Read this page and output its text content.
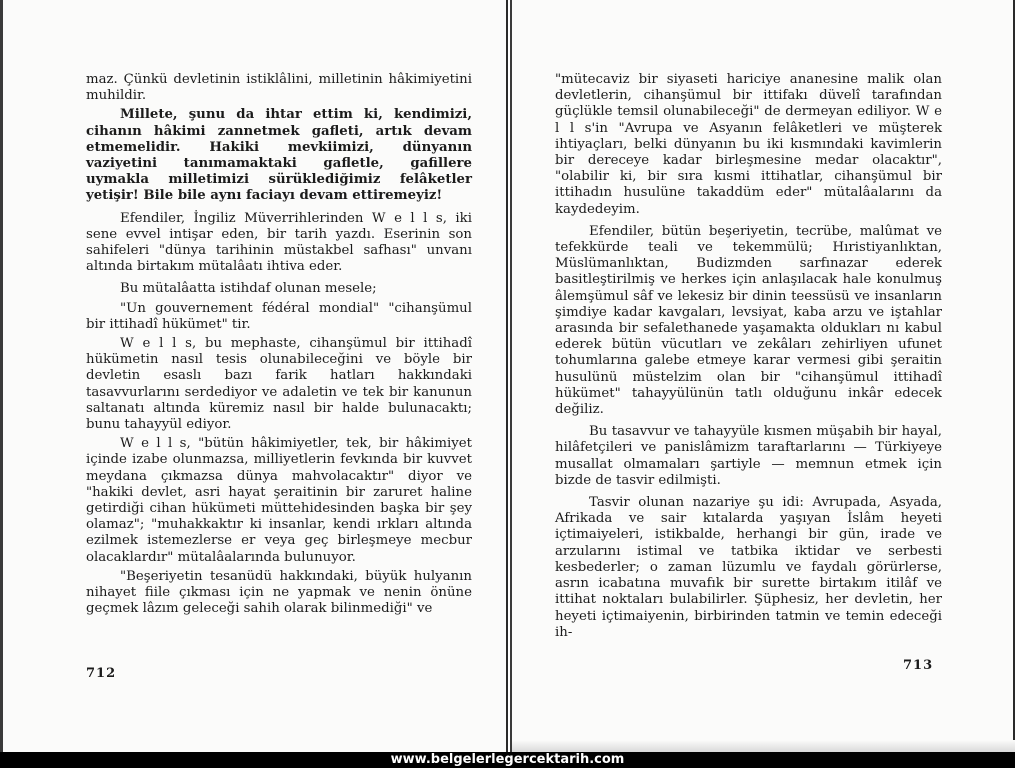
maz. Çünkü devletinin istiklâlini, milletinin hâkimiyetini muhildir.

Millete, şunu da ihtar ettim ki, kendimizi, cihanın hâkimi zannetmek gafleti, artık devam etmemelidir. Hakiki mevkiimizi, dünyanın vaziyetini tanımamaktaki gafletle, gafillere uymakla milletimizi sürüklediğimiz felâketler yetişir! Bile bile aynı faciayı devam ettiremeyiz!

Efendiler, İngiliz Müverrihlerinden W e l l s, iki sene evvel intişar eden, bir tarih yazdı. Eserinin son sahifeleri "dünya tarihinin müstakbel safhası" unvanı altında birtakım mütalâatı ihtiva eder.

Bu mütalâatta istihdaf olunan mesele;

"Un gouvernement fédéral mondial" "cihanşümul bir ittihadî hükümet" tir.

W e l l s, bu mephaste, cihanşümul bir ittihadî hükümetin nasıl tesis olunabileceğini ve böyle bir devletin esaslı bazı farik hatları hakkındaki tasavvurlarını serdediyor ve adaletin ve tek bir kanunun saltanatı altında küremiz nasıl bir halde bulunacaktı; bunu tahayyül ediyor.

W e l l s, "bütün hâkimiyetler, tek, bir hâkimiyet içinde izabe olunmazsa, milliyetlerin fevkında bir kuvvet meydana çıkmazsa dünya mahvolacaktır" diyor ve "hakiki devlet, asri hayat şeraitinin bir zaruret haline getirdiği cihan hükümeti müttehidesinden başka bir şey olamaz"; "muhakkaktır ki insanlar, kendi ırkları altında ezilmek istemezlerse er veya geç birleşmeye mecbur olacaklardır" mütalâalarında bulunuyor.

"Beşeriyetin tesanüdü hakkındaki, büyük hulyanın nihayet fiile çıkması için ne yapmak ve nenin önüne geçmek lâzım geleceği sahih olarak bilinmediği" ve

712

"mütecaviz bir siyaseti hariciye ananesine malik olan devletlerin, cihanşümul bir ittifakı düvelî tarafından güçlükle temsil olunabileceği" de dermeyan ediliyor. W e l l s'in "Avrupa ve Asyanın felâketleri ve müşterek ihtiyaçları, belki dünyanın bu iki kısmındaki kavimlerin bir dereceye kadar birleşmesine medar olacaktır", "olabilir ki, bir sıra kısmi ittihatlar, cihanşümul bir ittihadın husulüne takaddüm eder" mütalâalarını da kaydedeyim.

Efendiler, bütün beşeriyetin, tecrübe, malûmat ve tefekkürde teali ve tekemmülü; Hıristiyanlıktan, Müslümanlıktan, Budizmden sarfınazar ederek basitleştirilmiş ve herkes için anlaşılacak hale konulmuş âlemşümul sâf ve lekesiz bir dinin teessüsü ve insanların şimdiye kadar kavgaları, levsiyat, kaba arzu ve iştahlar arasında bir sefalethanede yaşamakta oldukları nı kabul ederek bütün vücutları ve zekâları zehirliyen ufunet tohumlarına galebe etmeye karar vermesi gibi şeraitin husulünü müstelzim olan bir "cihanşümul ittihadî hükümet" tahayyülünün tatlı olduğunu inkâr edecek değiliz.

Bu tasavvur ve tahayyüle kısmen müşabih bir hayal, hilâfetçileri ve panislâmizm taraftarlarını — Türkiyeye musallat olmamaları şartiyle — memnun etmek için bizde de tasvir edilmişti.

Tasvir olunan nazariye şu idi: Avrupada, Asyada, Afrikada ve sair kıtalarda yaşıyan İslâm heyeti içtimaiyeleri, istikbalde, herhangi bir gün, irade ve arzularını istimal ve tatbika iktidar ve serbesti kesbederler; o zaman lüzumlu ve faydalı görürlerse, asrın icabatına muvafık bir surette birtakım itilâf ve ittihat noktaları bulabilirler. Şüphesiz, her devletin, her heyeti içtimaiyenin, birbirinden tatmin ve temin edeceği ih-

713
www.belgelerlegercektarih.com
